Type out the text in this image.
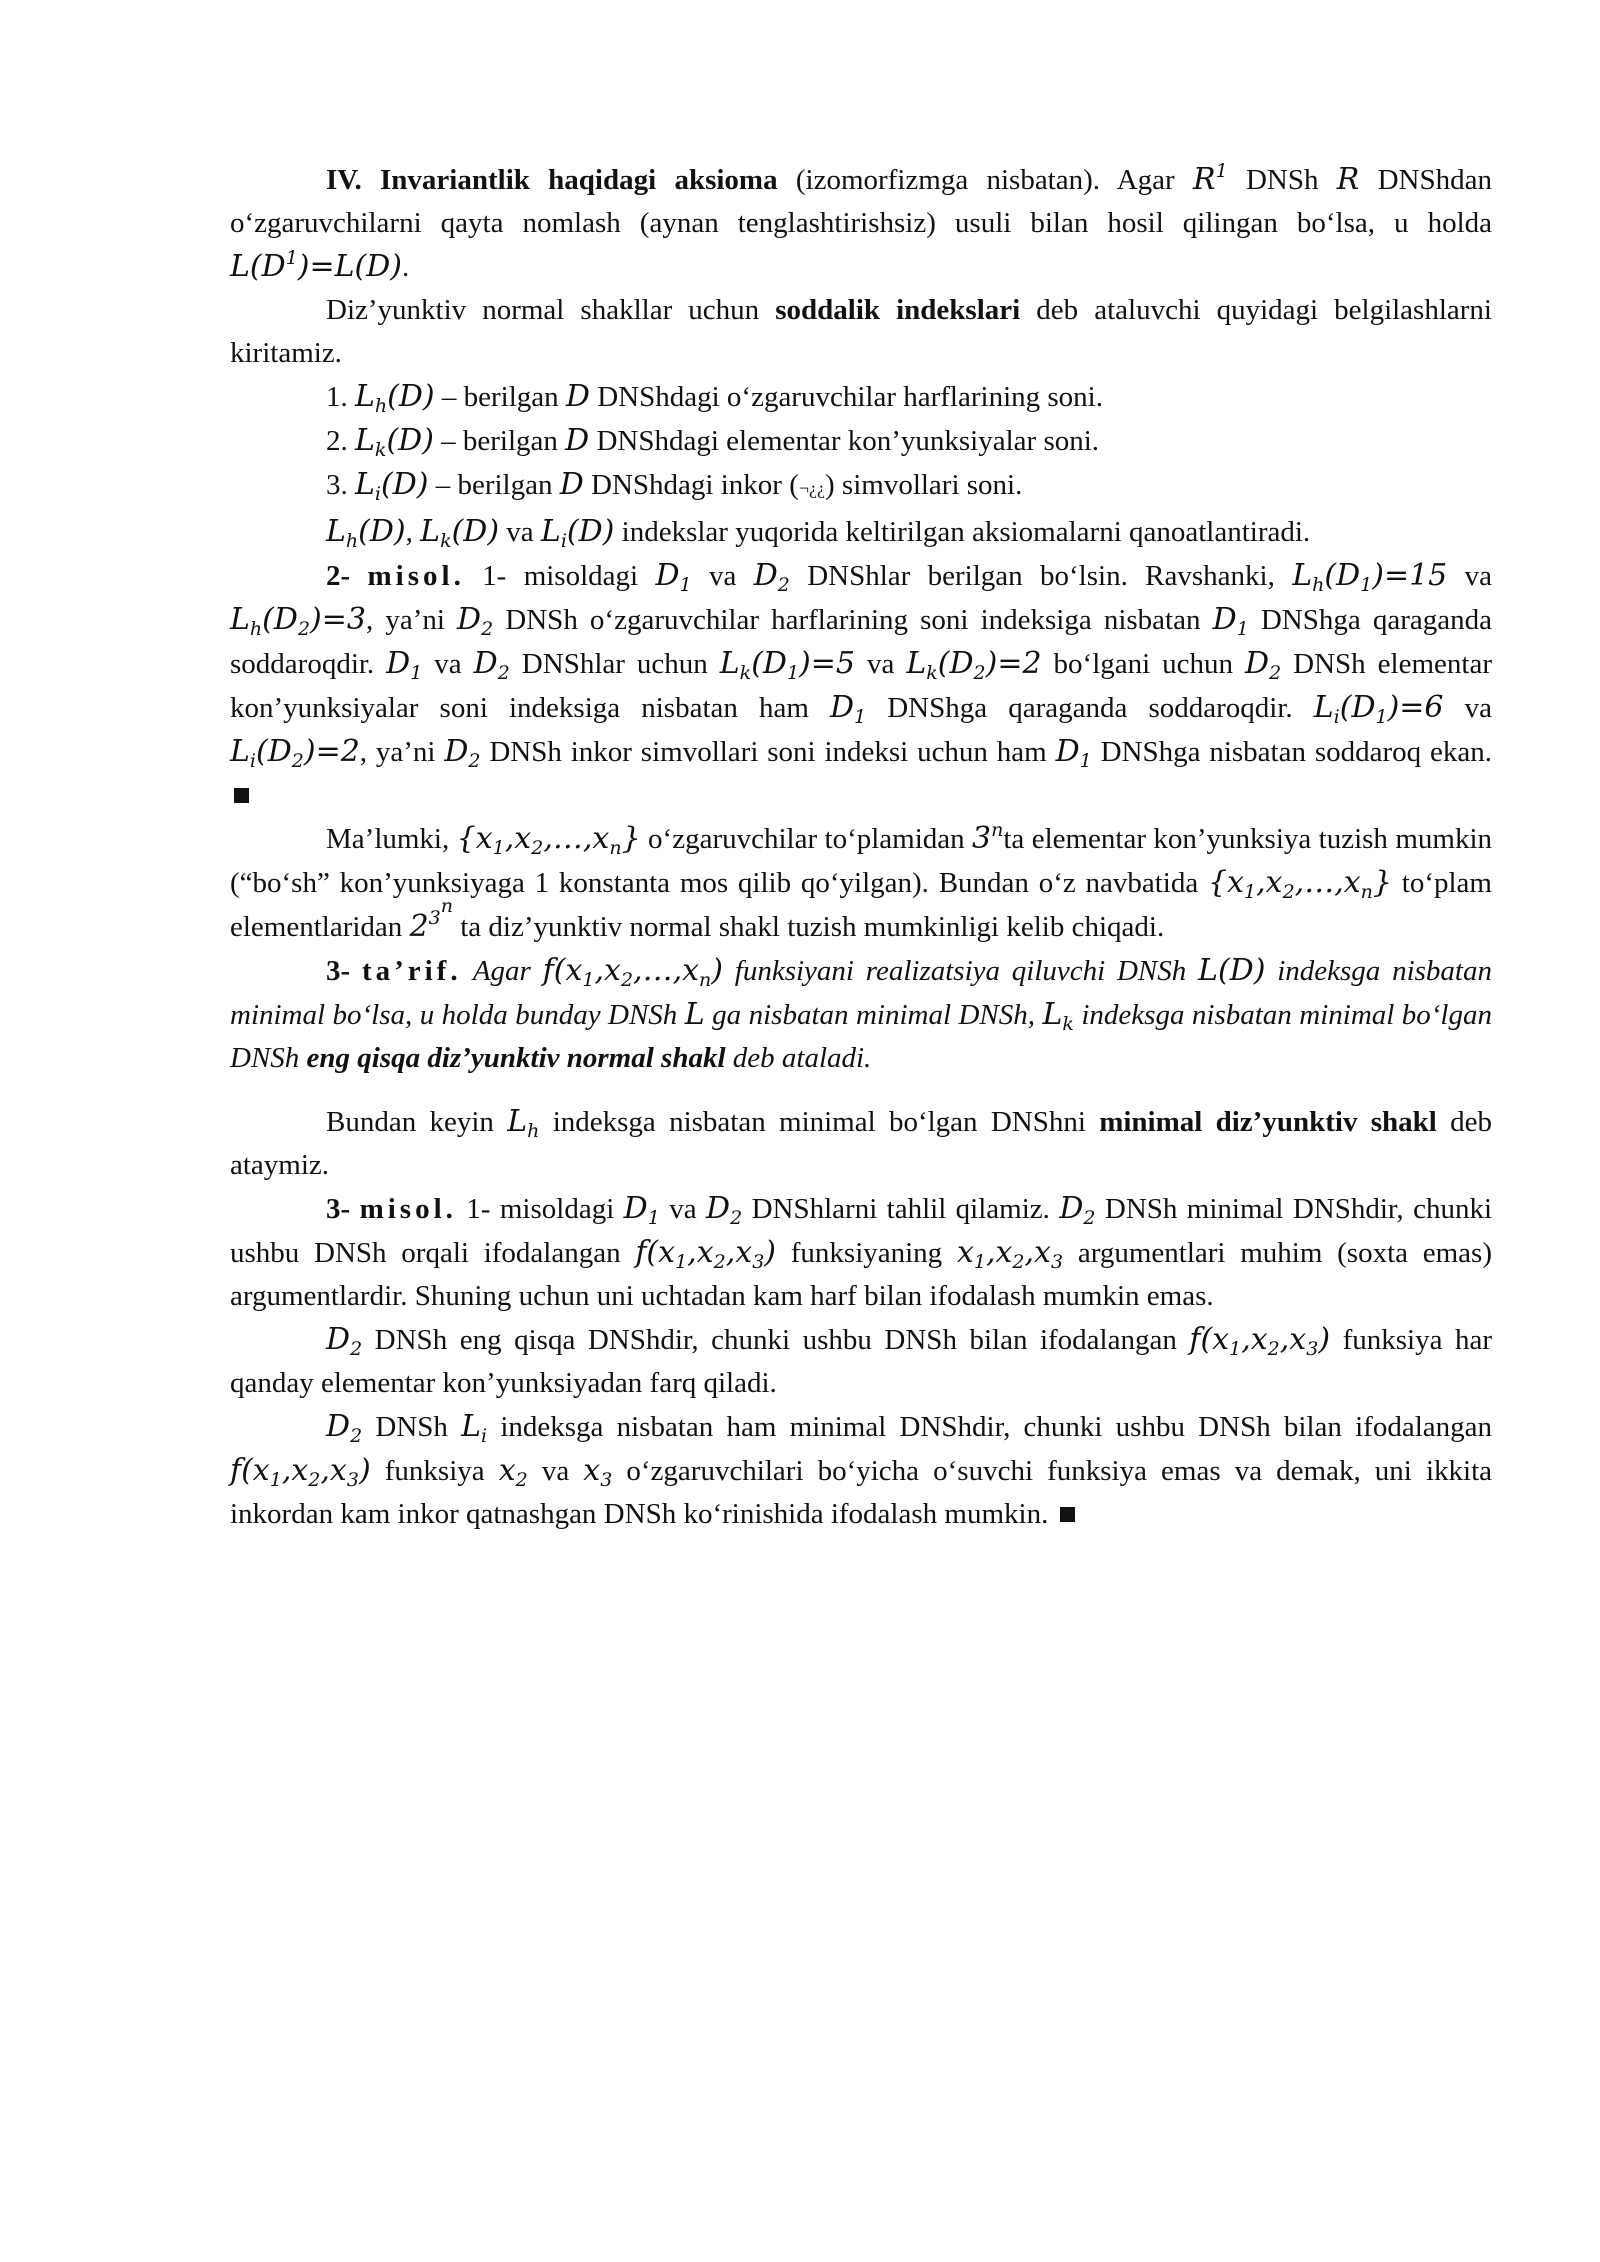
IV. Invariantlik haqidagi aksioma (izomorfizmga nisbatan). Agar $R^1$ DNSh R DNShdan o‘zgaruvchilarni qayta nomlash (aynan tenglashtirishsiz) usuli bilan hosil qilingan bo‘lsa, u holda $L(D^1)=L(D)$.

Diz’yunktiv normal shakllar uchun soddalik indekslari deb ataluvchi quyidagi belgilashlarni kiritamiz.

1. $L_h(D)$ – berilgan D DNShdagi o‘zgaruvchilar harflarining soni.

2. $L_k(D)$ – berilgan D DNShdagi elementar kon’yunksiyalar soni.

3. $L_i(D)$ – berilgan D DNShdagi inkor (¬¿¿) simvollari soni.

$L_h(D)$, $L_k(D)$ va $L_i(D)$ indekslar yuqorida keltirilgan aksiomalarni qanoatlantiradi.

2- misol. 1- misoldagi $D_1$ va $D_2$ DNShlar berilgan bo‘lsin. Ravshanki, $L_h(D_1)=15$ va $L_h(D_2)=3$, ya’ni $D_2$ DNSh o‘zgaruvchilar harflarining soni indeksiga nisbatan $D_1$ DNShga qaraganda soddaroqdir. $D_1$ va $D_2$ DNShlar uchun $L_k(D_1)=5$ va $L_k(D_2)=2$ bo‘lgani uchun $D_2$ DNSh elementar kon’yunksiyalar soni indeksiga nisbatan ham $D_1$ DNShga qaraganda soddaroqdir. $L_i(D_1)=6$ va $L_i(D_2)=2$, ya’ni $D_2$ DNSh inkor simvollari soni indeksi uchun ham $D_1$ DNShga nisbatan soddaroq ekan.

Ma’lumki, $\{x_1,x_2,\dots,x_n\}$ o‘zgaruvchilar to‘plamidan 3$^n$ta elementar kon’yunksiya tuzish mumkin (“bo‘sh” kon’yunksiyaga 1 konstanta mos qilib qo‘yilgan). Bundan o‘z navbatida $\{x_1,x_2,\dots,x_n\}$ to‘plam elementlaridan $2^{3^n}$ ta diz’yunktiv normal shakl tuzish mumkinligi kelib chiqadi.

3- ta’rif. Agar $f(x_1,x_2,\dots,x_n)$ funksiyani realizatsiya qiluvchi DNSh L(D) indeksga nisbatan minimal bo‘lsa, u holda bunday DNSh L ga nisbatan minimal DNSh, $L_k$ indeksga nisbatan minimal bo‘lgan DNSh eng qisqa diz’yunktiv normal shakl deb ataladi.

Bundan keyin $L_h$ indeksga nisbatan minimal bo‘lgan DNShni minimal diz’yunktiv shakl deb ataymiz.

3- misol. 1- misoldagi $D_1$ va $D_2$ DNShlarni tahlil qilamiz. $D_2$ DNSh minimal DNShdir, chunki ushbu DNSh orqali ifodalangan $f(x_1,x_2,x_3)$ funksiyaning $x_1,x_2,x_3$ argumentlari muhim (soxta emas) argumentlardir. Shuning uchun uni uchtadan kam harf bilan ifodalash mumkin emas.

$D_2$ DNSh eng qisqa DNShdir, chunki ushbu DNSh bilan ifodalangan $f(x_1,x_2,x_3)$ funksiya har qanday elementar kon’yunksiyadan farq qiladi.

$D_2$ DNSh $L_i$ indeksga nisbatan ham minimal DNShdir, chunki ushbu DNSh bilan ifodalangan $f(x_1,x_2,x_3)$ funksiya $x_2$ va $x_3$ o‘zgaruvchilari bo‘yicha o‘suvchi funksiya emas va demak, uni ikkita inkordan kam inkor qatnashgan DNSh ko‘rinishida ifodalash mumkin.
